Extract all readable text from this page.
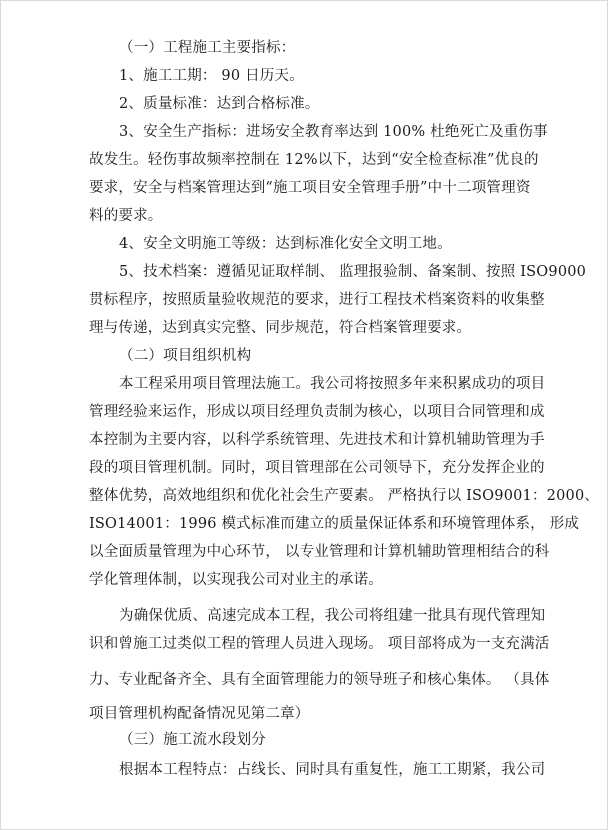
（一）工程施工主要指标：
1、施工工期： 90 日历天。
2、质量标准：达到合格标准。
3、安全生产指标：进场安全教育率达到 100% 杜绝死亡及重伤事
故发生。轻伤事故频率控制在 12%以下，达到“安全检查标准”优良的
要求，安全与档案管理达到“施工项目安全管理手册”中十二项管理资
料的要求。
4、安全文明施工等级：达到标准化安全文明工地。
5、技术档案：遵循见证取样制、 监理报验制、备案制、按照 ISO9000
贯标程序，按照质量验收规范的要求，进行工程技术档案资料的收集整
理与传递，达到真实完整、同步规范，符合档案管理要求。
（二）项目组织机构
本工程采用项目管理法施工。我公司将按照多年来积累成功的项目
管理经验来运作，形成以项目经理负责制为核心，以项目合同管理和成
本控制为主要内容，以科学系统管理、先进技术和计算机辅助管理为手
段的项目管理机制。同时，项目管理部在公司领导下，充分发挥企业的
整体优势，高效地组织和优化社会生产要素。 严格执行以 ISO9001：2000、
ISO14001：1996 模式标准而建立的质量保证体系和环境管理体系， 形成
以全面质量管理为中心环节， 以专业管理和计算机辅助管理相结合的科
学化管理体制，以实现我公司对业主的承诺。
为确保优质、高速完成本工程，我公司将组建一批具有现代管理知
识和曾施工过类似工程的管理人员进入现场。 项目部将成为一支充满活
力、专业配备齐全、具有全面管理能力的领导班子和核心集体。 （具体
项目管理机构配备情况见第二章）
（三）施工流水段划分
根据本工程特点：占线长、同时具有重复性，施工工期紧，我公司
